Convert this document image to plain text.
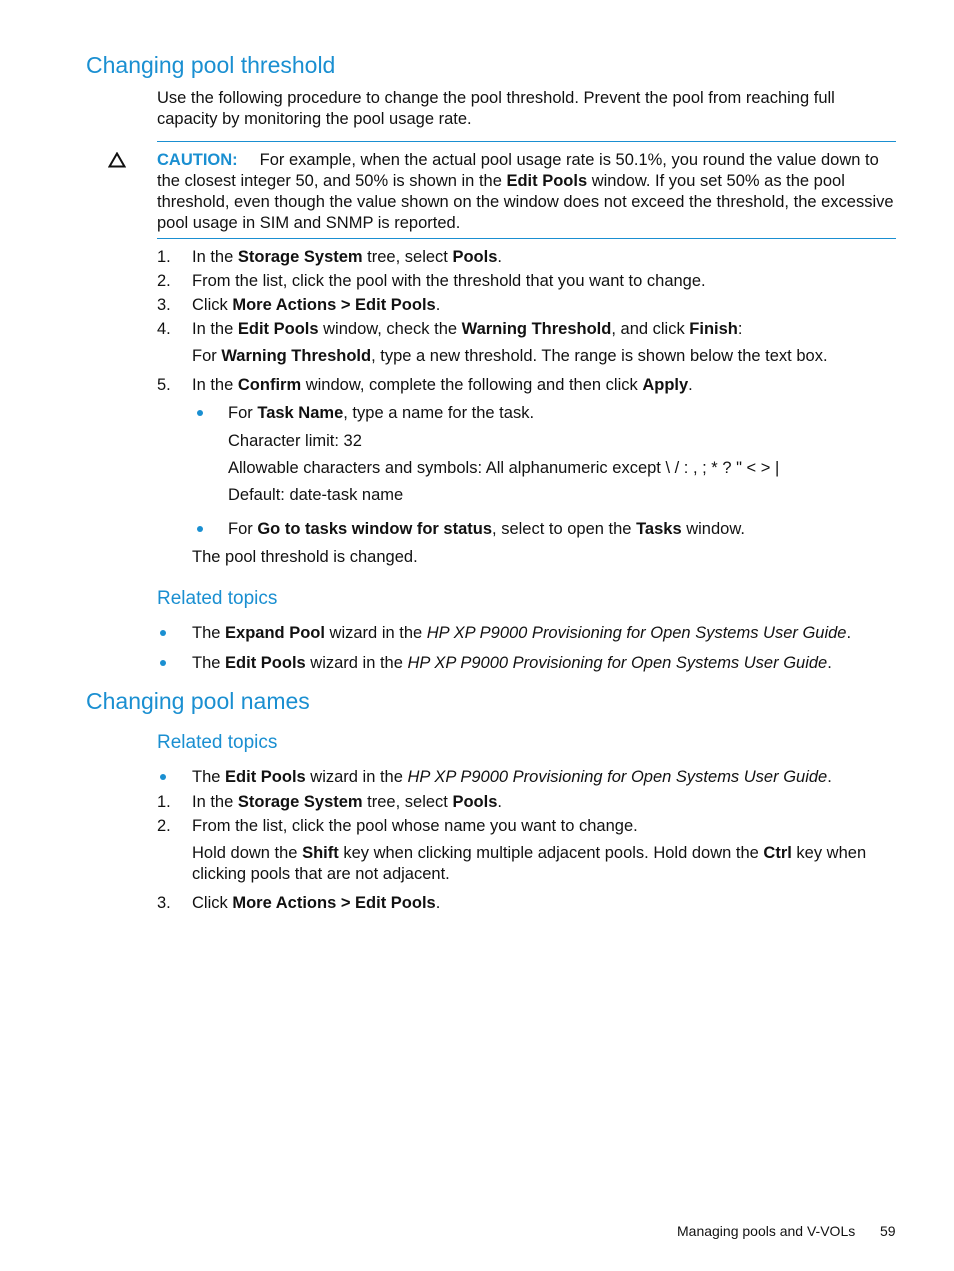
Changing pool threshold
Use the following procedure to change the pool threshold. Prevent the pool from reaching full capacity by monitoring the pool usage rate.
CAUTION: For example, when the actual pool usage rate is 50.1%, you round the value down to the closest integer 50, and 50% is shown in the Edit Pools window. If you set 50% as the pool threshold, even though the value shown on the window does not exceed the threshold, the excessive pool usage in SIM and SNMP is reported.
1. In the Storage System tree, select Pools.
2. From the list, click the pool with the threshold that you want to change.
3. Click More Actions > Edit Pools.
4. In the Edit Pools window, check the Warning Threshold, and click Finish:
For Warning Threshold, type a new threshold. The range is shown below the text box.
5. In the Confirm window, complete the following and then click Apply.
For Task Name, type a name for the task.
Character limit: 32
Allowable characters and symbols: All alphanumeric except \ / : , ; * ? " < > |
Default: date-task name
For Go to tasks window for status, select to open the Tasks window.
The pool threshold is changed.
Related topics
The Expand Pool wizard in the HP XP P9000 Provisioning for Open Systems User Guide.
The Edit Pools wizard in the HP XP P9000 Provisioning for Open Systems User Guide.
Changing pool names
Related topics
The Edit Pools wizard in the HP XP P9000 Provisioning for Open Systems User Guide.
1. In the Storage System tree, select Pools.
2. From the list, click the pool whose name you want to change.
Hold down the Shift key when clicking multiple adjacent pools. Hold down the Ctrl key when clicking pools that are not adjacent.
3. Click More Actions > Edit Pools.
Managing pools and V-VOLs 59
